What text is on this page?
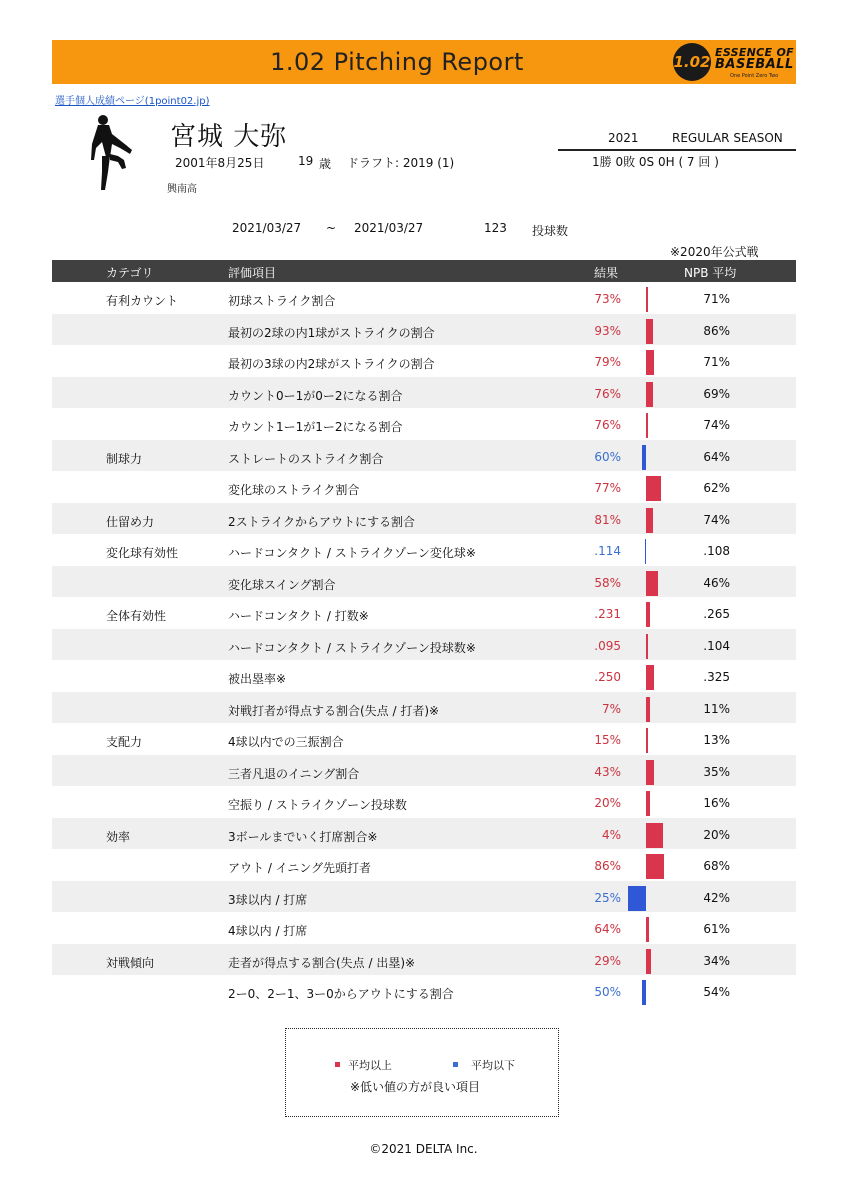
1.02 Pitching Report	1.02
ESSENCE OF
BASEBALL
One Point Zero Two
選手個人成績ページ(1point02.jp)
宮城 大弥
2001年8月25日	19 歳 ドラフト: 2019 (1)
興南高
2021	REGULAR SEASON
1勝 0敗 0S 0H ( 7 回 )
2021/03/27 ~ 2021/03/27	123 投球数
※2020年公式戦
カテゴリ	評価項目	結果	NPB 平均
有利カウント	初球ストライク割合	73%	71%
最初の2球の内1球がストライクの割合	93%	86%
最初の3球の内2球がストライクの割合	79%	71%
カウント0ー1が0ー2になる割合	76%	69%
カウント1ー1が1ー2になる割合	76%	74%
制球力	ストレートのストライク割合	60%	64%
変化球のストライク割合	77%	62%
仕留め力	2ストライクからアウトにする割合	81%	74%
変化球有効性	ハードコンタクト / ストライクゾーン変化球※	.114	.108
変化球スイング割合	58%	46%
全体有効性	ハードコンタクト / 打数※	.231	.265
ハードコンタクト / ストライクゾーン投球数※	.095	.104
被出塁率※	.250	.325
対戦打者が得点する割合(失点 / 打者)※	7%	11%
支配力	4球以内での三振割合	15%	13%
三者凡退のイニング割合	43%	35%
空振り / ストライクゾーン投球数	20%	16%
効率	3ボールまでいく打席割合※	4%	20%
アウト / イニング先頭打者	86%	68%
3球以内 / 打席	25%	42%
4球以内 / 打席	64%	61%
対戦傾向	走者が得点する割合(失点 / 出塁)※	29%	34%
2ー0、2ー1、3ー0からアウトにする割合	50%	54%
平均以上	平均以下
※低い値の方が良い項目
©2021 DELTA Inc.
